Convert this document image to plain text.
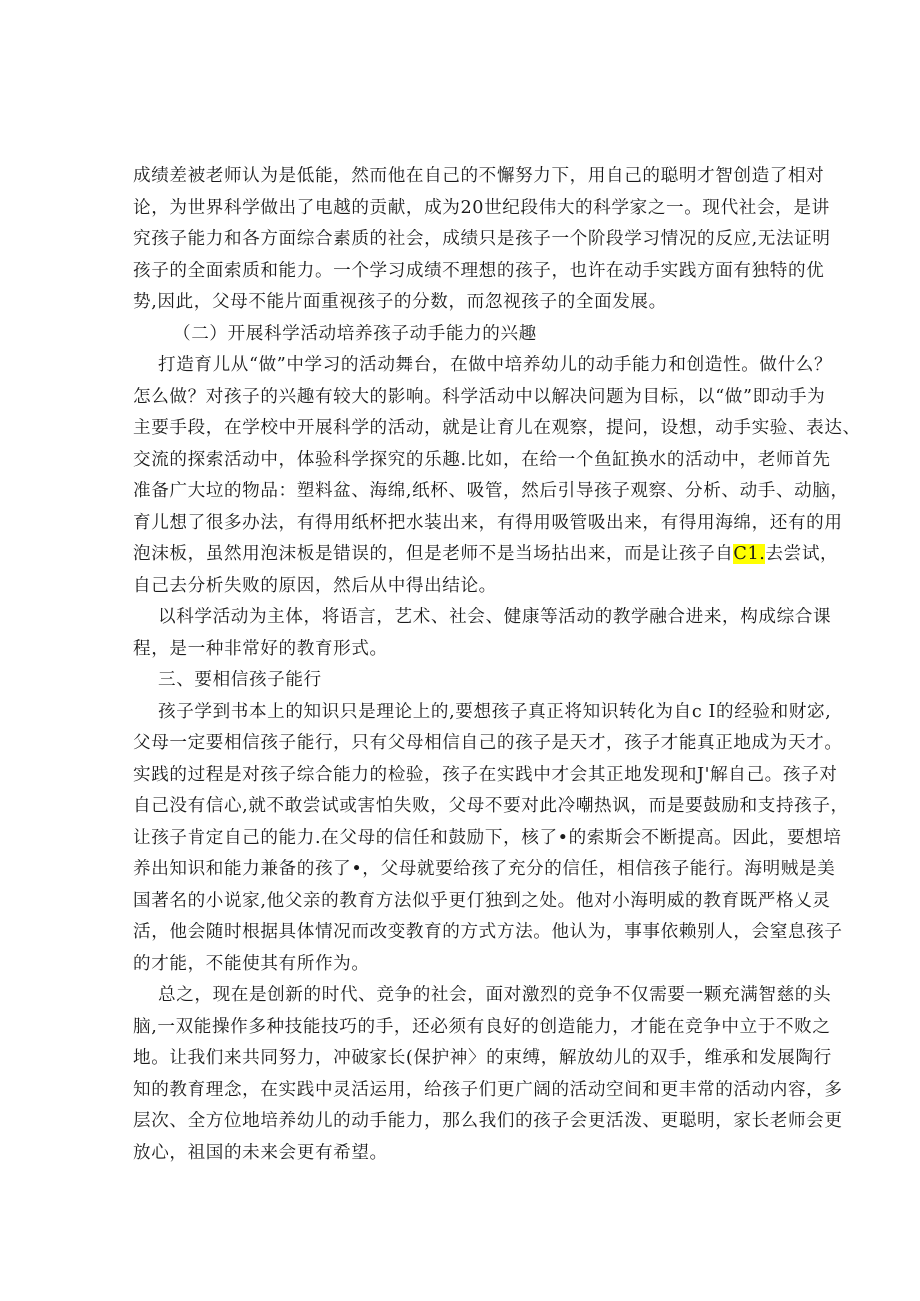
成绩差被老师认为是低能，然而他在自己的不懈努力下，用自己的聪明才智创造了相对
论，为世界科学做出了电越的贡献，成为20世纪段伟大的科学家之一。现代社会，是讲
究孩子能力和各方面综合素质的社会，成绩只是孩子一个阶段学习情况的反应,无法证明
孩子的全面索质和能力。一个学习成绩不理想的孩子，也许在动手实践方面有独特的优
势,因此，父母不能片面重视孩子的分数，而忽视孩子的全面发展。
（二）开展科学活动培养孩子动手能力的兴趣
打造育儿从“做”中学习的活动舞台，在做中培养幼儿的动手能力和创造性。做什么？
怎么做？对孩子的兴趣有较大的影响。科学活动中以解决问题为目标，以“做”即动手为
主要手段，在学校中开展科学的活动，就是让育儿在观察，提问，设想，动手实验、表达、
交流的探索活动中，体验科学探究的乐趣.比如，在给一个鱼缸换水的活动中，老师首先
准备广大垃的物品：塑料盆、海绵,纸杯、吸管，然后引导孩子观察、分析、动手、动脑，
育儿想了很多办法，有得用纸杯把水装出来，有得用吸管吸出来，有得用海绵，还有的用
泡沫板，虽然用泡沫板是错误的，但是老师不是当场拈出来，而是让孩子自C1.去尝试，
自己去分析失败的原因，然后从中得出结论。
以科学活动为主体，将语言，艺术、社会、健康等活动的教学融合进来，构成综合课
程，是一种非常好的教育形式。
三、要相信孩子能行
孩子学到书本上的知识只是理论上的,要想孩子真正将知识转化为自c I的经验和财宓,
父母一定要相信孩子能行，只有父母相信自己的孩子是天才，孩子才能真正地成为天才。
实践的过程是对孩子综合能力的检验，孩子在实践中才会其正地发现和J'解自己。孩子对
自己没有信心,就不敢尝试或害怕失败，父母不要对此冷嘲热讽，而是要鼓励和支持孩子，
让孩子肯定自己的能力.在父母的信任和鼓励下，核了•的索斯会不断提高。因此，要想培
养出知识和能力兼备的孩了•，父母就要给孩了充分的信任，相信孩子能行。海明贼是美
国著名的小说家,他父亲的教育方法似乎更仃独到之处。他对小海明威的教育既严格乂灵
活，他会随时根据具体情况而改变教育的方式方法。他认为，事事依赖别人，会窒息孩子
的才能，不能使其有所作为。
总之，现在是创新的时代、竞争的社会，面对激烈的竞争不仅需要一颗充满智慈的头
脑,一双能操作多种技能技巧的手，还必须有良好的创造能力，才能在竞争中立于不败之
地。让我们来共同努力，冲破家长(保护神〉的束缚，解放幼儿的双手，维承和发展陶行
知的教育理念，在实践中灵活运用，给孩子们更广阔的活动空间和更丰常的活动内容，多
层次、全方位地培养幼儿的动手能力，那么我们的孩子会更活泼、更聪明，家长老师会更
放心，祖国的未来会更有希望。
